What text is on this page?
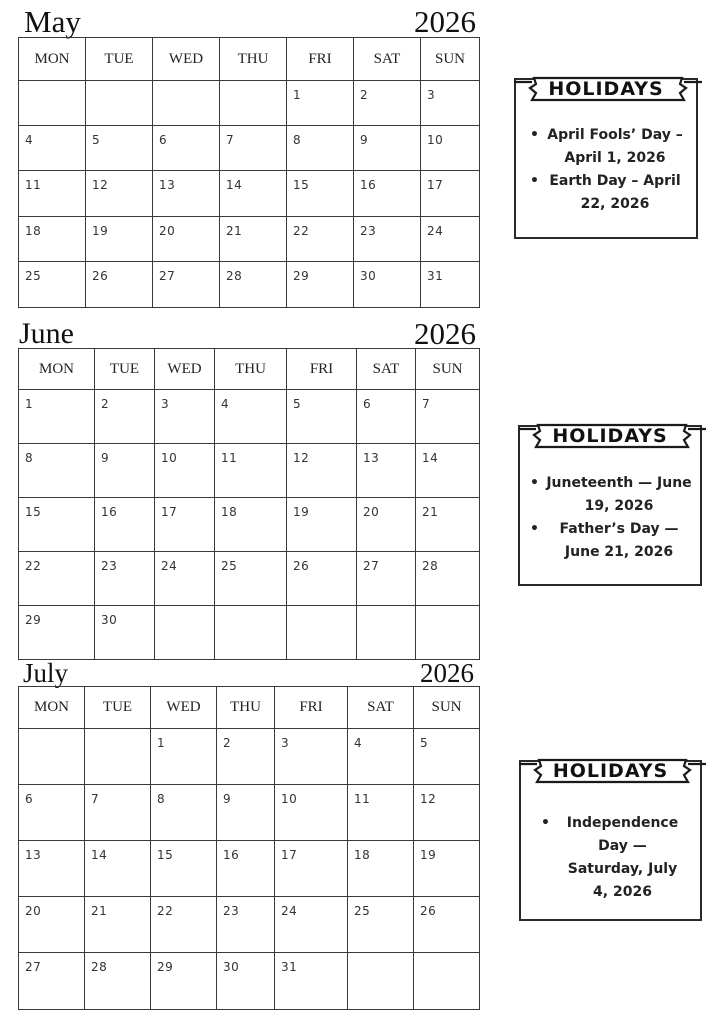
May	2026
MON	TUE	WED	THU	FRI	SAT	SUN

				1	2	3

4	5	6	7	8	9	10

11	12	13	14	15	16	17

18	19	20	21	22	23	24

25	26	27	28	29	30	31
HOLIDAYS
• April Fools’ Day –
April 1, 2026
• Earth Day – April
22, 2026
June	2026
MON	TUE	WED	THU	FRI	SAT	SUN

1	2	3	4	5	6	7

8	9	10	11	12	13	14

15	16	17	18	19	20	21

22	23	24	25	26	27	28

29	30					

HOLIDAYS
• Juneteenth — June
19, 2026
•	Father’s Day —
June 21, 2026
July	2026
MON	TUE	WED	THU	FRI	SAT	SUN

		1	2	3	4	5

6	7	8	9	10	11	12

13	14	15	16	17	18	19

20	21	22	23	24	25	26

27	28	29	30	31		

HOLIDAYS
•	Independence
Day —
Saturday, July
4, 2026
